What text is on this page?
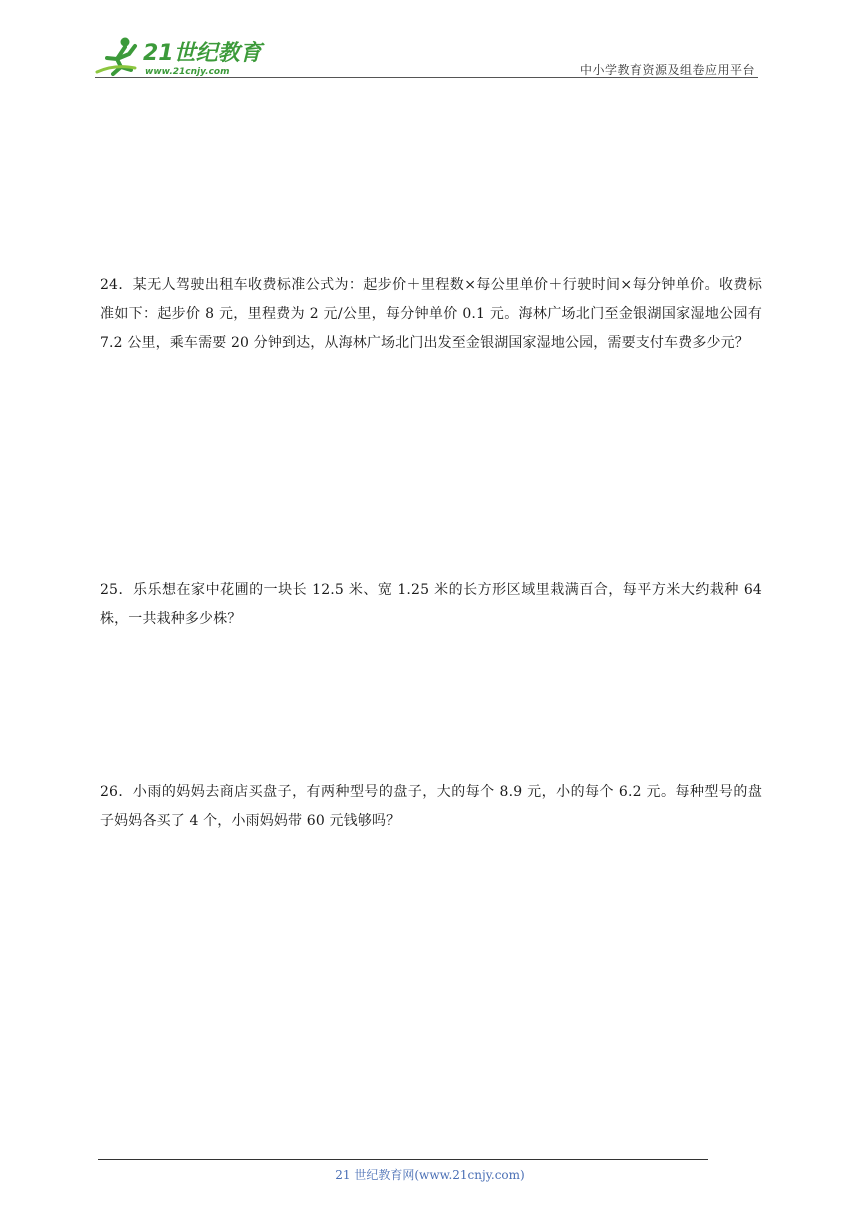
21世纪教育
www.21cnjy.com	中小学教育资源及组卷应用平台
24．某无人驾驶出租车收费标准公式为：起步价＋里程数×每公里单价＋行驶时间×每分钟单价。收费标准如下：起步价 8 元，里程费为 2 元/公里，每分钟单价 0.1 元。海林广场北门至金银湖国家湿地公园有 7.2 公里，乘车需要 20 分钟到达，从海林广场北门出发至金银湖国家湿地公园，需要支付车费多少元？
25．乐乐想在家中花圃的一块长 12.5 米、宽 1.25 米的长方形区域里栽满百合，每平方米大约栽种 64 株，一共栽种多少株？
26．小雨的妈妈去商店买盘子，有两种型号的盘子，大的每个 8.9 元，小的每个 6.2 元。每种型号的盘子妈妈各买了 4 个，小雨妈妈带 60 元钱够吗？
21 世纪教育网(www.21cnjy.com)
